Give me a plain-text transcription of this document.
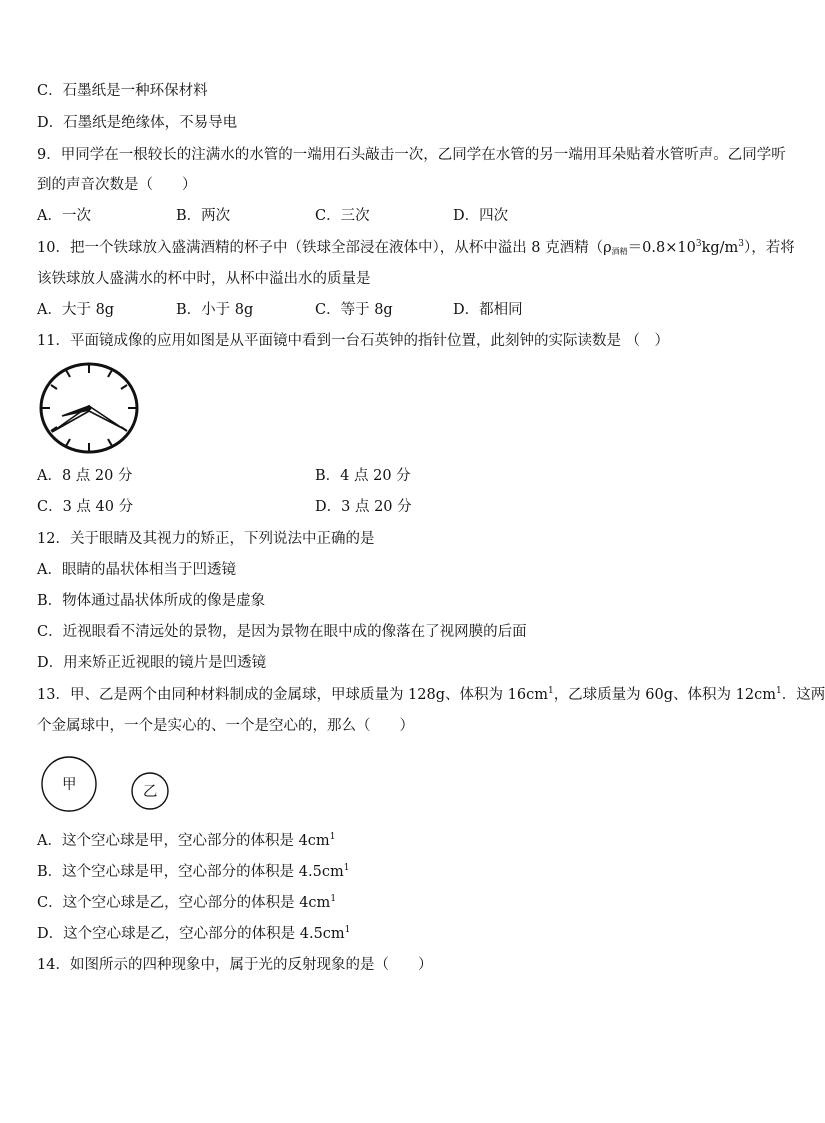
C．石墨纸是一种环保材料
D．石墨纸是绝缘体，不易导电
9．甲同学在一根较长的注满水的水管的一端用石头敲击一次，乙同学在水管的另一端用耳朵贴着水管听声。乙同学听
到的声音次数是（　　）
A．一次	B．两次	C．三次	D．四次
10．把一个铁球放入盛满酒精的杯子中（铁球全部浸在液体中），从杯中溢出 8 克酒精$(\rho_{酒精}=0.8\times 10^3kg/m^3)$，若将
该铁球放人盛满水的杯中时，从杯中溢出水的质量是
A．大于 8g	B．小于 8g	C．等于 8g	D．都相同
11．平面镜成像的应用如图是从平面镜中看到一台石英钟的指针位置，此刻钟的实际读数是 （　）
A．8 点 20 分	B．4 点 20 分
C．3 点 40 分	D．3 点 20 分
12．关于眼睛及其视力的矫正，下列说法中正确的是
A．眼睛的晶状体相当于凹透镜
B．物体通过晶状体所成的像是虚象
C．近视眼看不清远处的景物，是因为景物在眼中成的像落在了视网膜的后面
D．用来矫正近视眼的镜片是凹透镜
13．甲、乙是两个由同种材料制成的金属球，甲球质量为 128g、体积为 $16cm^1$，乙球质量为 60g、体积为 $12cm^1$．这两
个金属球中，一个是实心的、一个是空心的，那么（　　）
甲	乙
A．这个空心球是甲，空心部分的体积是 $4cm^1$
B．这个空心球是甲，空心部分的体积是 $4.5cm^1$
C．这个空心球是乙，空心部分的体积是 $4cm^1$
D．这个空心球是乙，空心部分的体积是 $4.5cm^1$
14．如图所示的四种现象中，属于光的反射现象的是（　　）
